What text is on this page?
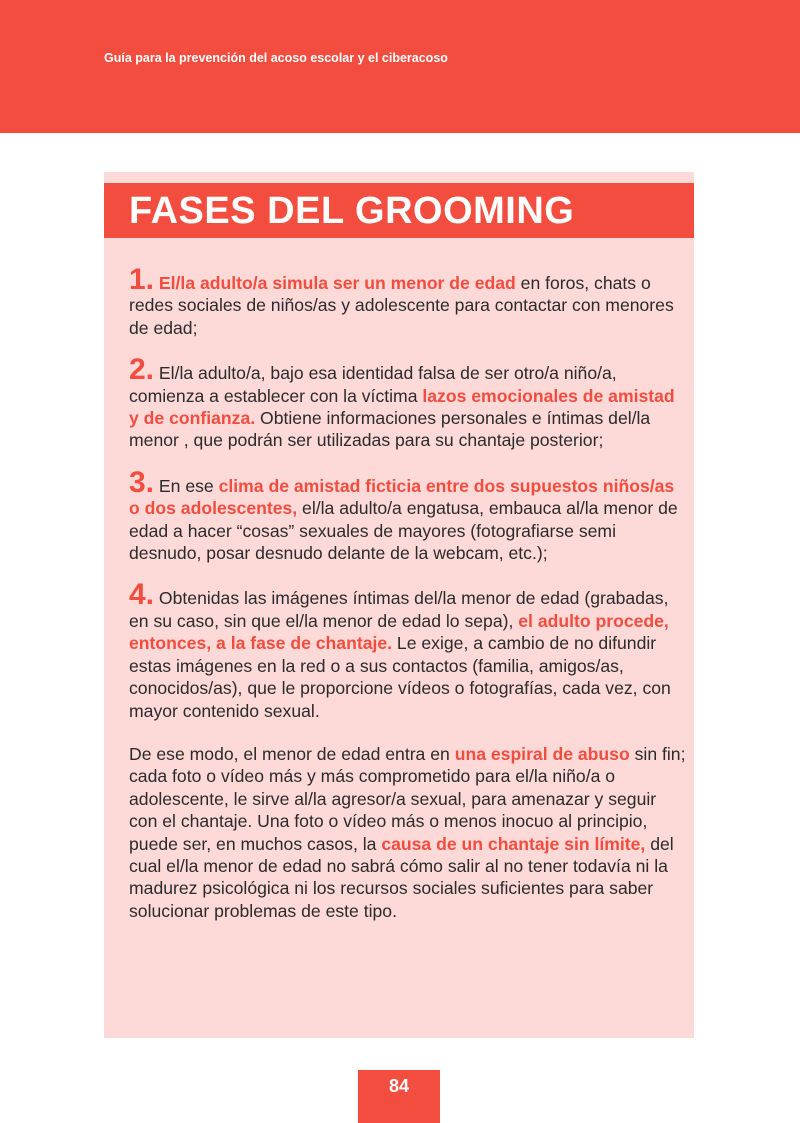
Guía para la prevención del acoso escolar y el ciberacoso
FASES DEL GROOMING

1. El/la adulto/a simula ser un menor de edad en foros, chats o redes sociales de niños/as y adolescente para contactar con menores de edad;

2. El/la adulto/a, bajo esa identidad falsa de ser otro/a niño/a, comienza a establecer con la víctima lazos emocionales de amistad y de confianza. Obtiene informaciones personales e íntimas del/la menor , que podrán ser utilizadas para su chantaje posterior;

3. En ese clima de amistad ficticia entre dos supuestos niños/as o dos adolescentes, el/la adulto/a engatusa, embauca al/la menor de edad a hacer “cosas” sexuales de mayores (fotografiarse semi desnudo, posar desnudo delante de la webcam, etc.);

4. Obtenidas las imágenes íntimas del/la menor de edad (grabadas, en su caso, sin que el/la menor de edad lo sepa), el adulto procede, entonces, a la fase de chantaje. Le exige, a cambio de no difundir estas imágenes en la red o a sus contactos (familia, amigos/as, conocidos/as), que le proporcione vídeos o fotografías, cada vez, con mayor contenido sexual.

De ese modo, el menor de edad entra en una espiral de abuso sin fin; cada foto o vídeo más y más comprometido para el/la niño/a o adolescente, le sirve al/la agresor/a sexual, para amenazar y seguir con el chantaje. Una foto o vídeo más o menos inocuo al principio, puede ser, en muchos casos, la causa de un chantaje sin límite, del cual el/la menor de edad no sabrá cómo salir al no tener todavía ni la madurez psicológica ni los recursos sociales suficientes para saber solucionar problemas de este tipo.

84
